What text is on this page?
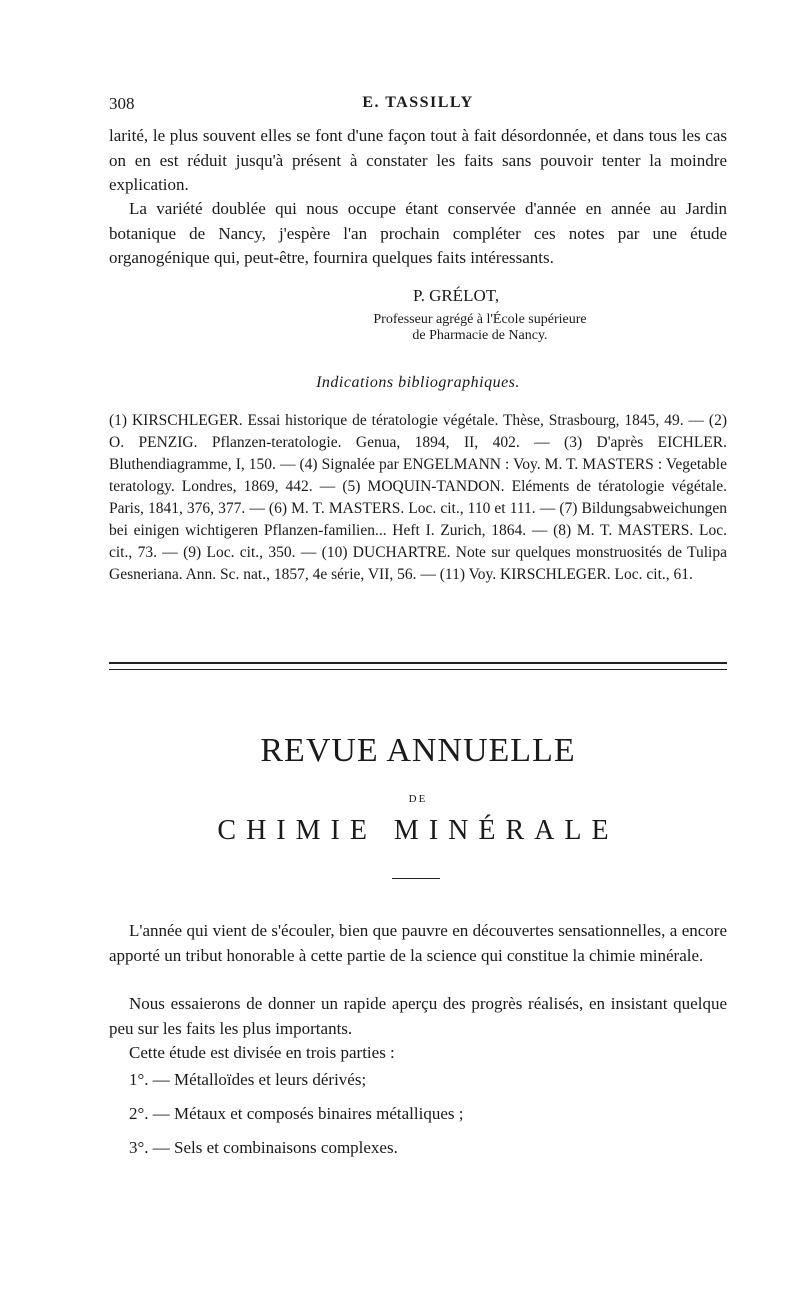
308	E. TASSILLY

larité, le plus souvent elles se font d'une façon tout à fait désordonnée, et dans tous les cas on en est réduit jusqu'à présent à constater les faits sans pouvoir tenter la moindre explication.

La variété doublée qui nous occupe étant conservée d'année en année au Jardin botanique de Nancy, j'espère l'an prochain compléter ces notes par une étude organogénique qui, peut-être, fournira quelques faits intéressants.

P. GRÉLOT,
Professeur agrégé à l'École supérieure
de Pharmacie de Nancy.
Indications bibliographiques.

(1) KIRSCHLEGER. Essai historique de tératologie végétale. Thèse, Strasbourg, 1845, 49. — (2) O. PENZIG. Pflanzen-teratologie. Genua, 1894, II, 402. — (3) D'après EICHLER. Bluthendiagramme, I, 150. — (4) Signalée par ENGELMANN : Voy. M. T. MASTERS : Vegetable teratology. Londres, 1869, 442. — (5) MOQUIN-TANDON. Eléments de tératologie végétale. Paris, 1841, 376, 377. — (6) M. T. MASTERS. Loc. cit., 110 et 111. — (7) Bildungsabweichungen bei einigen wichtigeren Pflanzen-familien... Heft I. Zurich, 1864. — (8) M. T. MASTERS. Loc. cit., 73. — (9) Loc. cit., 350. — (10) DUCHARTRE. Note sur quelques monstruosités de Tulipa Gesneriana. Ann. Sc. nat., 1857, 4e série, VII, 56. — (11) Voy. KIRSCHLEGER. Loc. cit., 61.

REVUE ANNUELLE
DE
CHIMIE MINÉRALE

L'année qui vient de s'écouler, bien que pauvre en découvertes sensationnelles, a encore apporté un tribut honorable à cette partie de la science qui constitue la chimie minérale.

Nous essaierons de donner un rapide aperçu des progrès réalisés, en insistant quelque peu sur les faits les plus importants.

Cette étude est divisée en trois parties :

1°. — Métalloïdes et leurs dérivés;
2°. — Métaux et composés binaires métalliques ;
3°. — Sels et combinaisons complexes.
